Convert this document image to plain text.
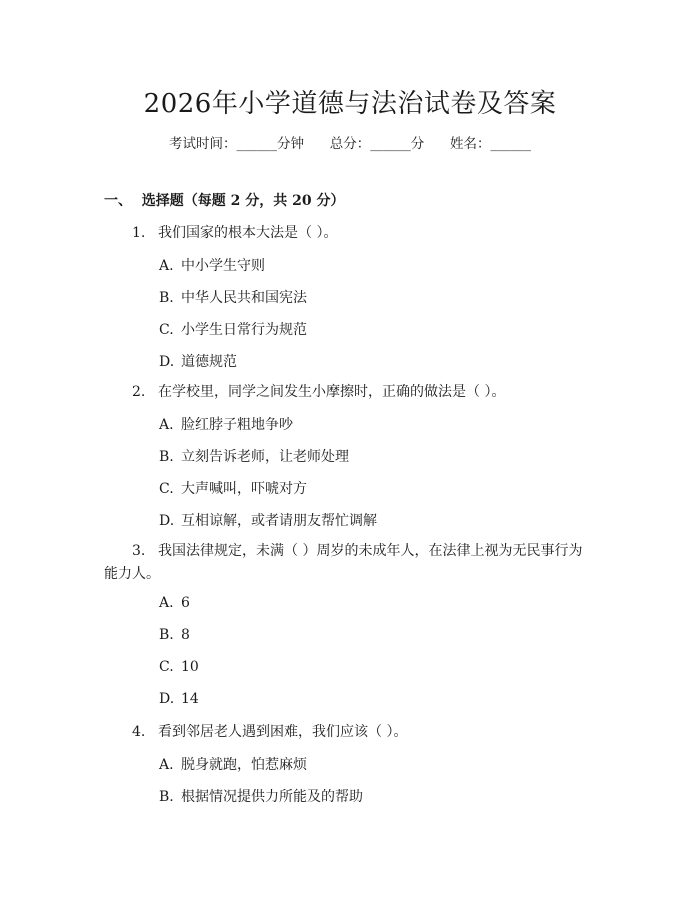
2026年小学道德与法治试卷及答案
考试时间：______分钟 总分：______分 姓名：______
一、 选择题（每题 2 分，共 20 分）
1. 我们国家的根本大法是（ ）。
A. 中小学生守则
B. 中华人民共和国宪法
C. 小学生日常行为规范
D. 道德规范
2. 在学校里，同学之间发生小摩擦时，正确的做法是（ ）。
A. 脸红脖子粗地争吵
B. 立刻告诉老师，让老师处理
C. 大声喊叫，吓唬对方
D. 互相谅解，或者请朋友帮忙调解
3. 我国法律规定，未满（ ）周岁的未成年人，在法律上视为无民事行为能力人。
A. 6
B. 8
C. 10
D. 14
4. 看到邻居老人遇到困难，我们应该（ ）。
A. 脱身就跑，怕惹麻烦
B. 根据情况提供力所能及的帮助
